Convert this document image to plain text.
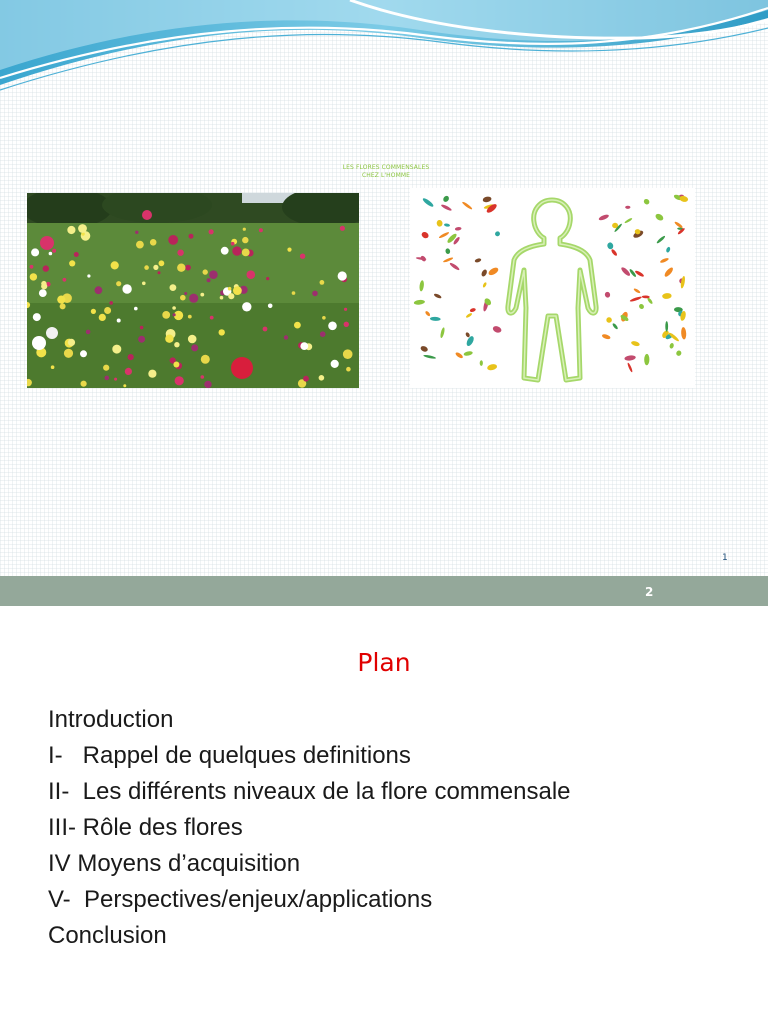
LES FLORES COMMENSALES
CHEZ L'HOMME
1
2
Plan
Introduction
I-   Rappel de quelques definitions
II-  Les différents niveaux de la flore commensale
III- Rôle des flores
IV Moyens d’acquisition
V-  Perspectives/enjeux/applications
Conclusion
